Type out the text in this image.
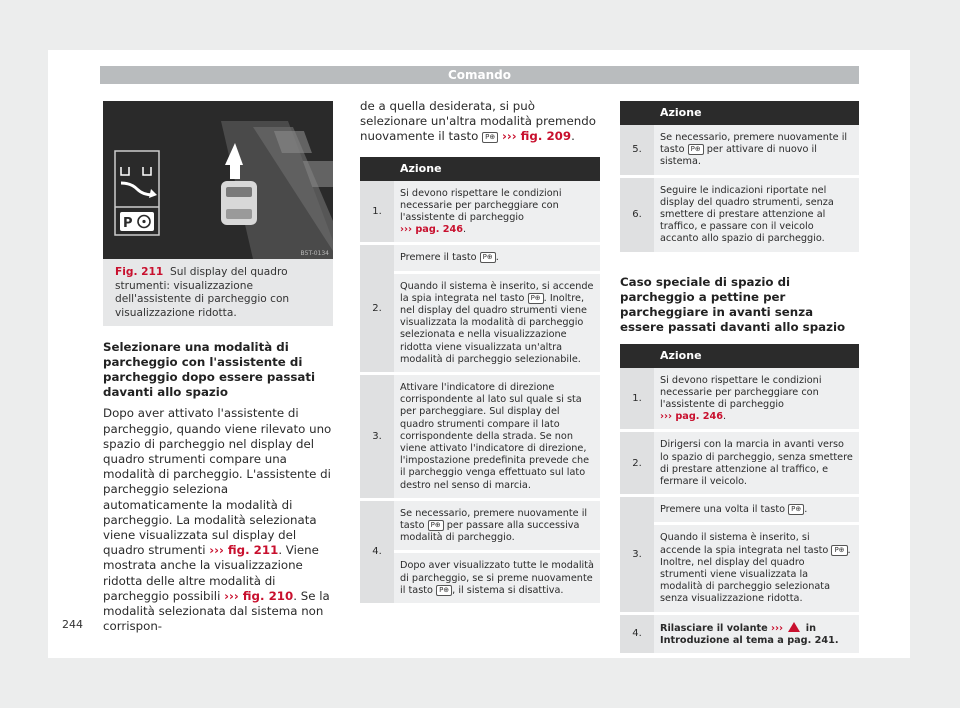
Comando
P
B5T-0134
Fig. 211 Sul display del quadro strumenti: visualizzazione dell'assistente di parcheggio con visualizzazione ridotta.
Selezionare una modalità di parcheggio con l'assistente di parcheggio dopo essere passati davanti allo spazio
Dopo aver attivato l'assistente di parcheggio, quando viene rilevato uno spazio di parcheggio nel display del quadro strumenti compare una modalità di parcheggio. L'assistente di parcheggio seleziona automaticamente la modalità di parcheggio. La modalità selezionata viene visualizzata sul display del quadro strumenti ››› fig. 211. Viene mostrata anche la visualizzazione ridotta delle altre modalità di parcheggio possibili ››› fig. 210. Se la modalità selezionata dal sistema non corrispon-
de a quella desiderata, si può selezionare un'altra modalità premendo nuovamente il tasto P⊕ ››› fig. 209.
	Azione
1.	Si devono rispettare le condizioni necessarie per parcheggiare con l'assistente di parcheggio
››› pag. 246.
2.	Premere il tasto P⊕ .
	Quando il sistema è inserito, si accende la spia integrata nel tasto P⊕ . Inoltre, nel display del quadro strumenti viene visualizzata la modalità di parcheggio selezionata e nella visualizzazione ridotta viene visualizzata un'altra modalità di parcheggio selezionabile.
3.	Attivare l'indicatore di direzione corrispondente al lato sul quale si sta per parcheggiare. Sul display del quadro strumenti compare il lato corrispondente della strada. Se non viene attivato l'indicatore di direzione, l'impostazione predefinita prevede che il parcheggio venga effettuato sul lato destro nel senso di marcia.
4.	Se necessario, premere nuovamente il tasto P⊕ per passare alla successiva modalità di parcheggio.
	Dopo aver visualizzato tutte le modalità di parcheggio, se si preme nuovamente il tasto P⊕ , il sistema si disattiva.
	Azione
5.	Se necessario, premere nuovamente il tasto P⊕ per attivare di nuovo il sistema.
6.	Seguire le indicazioni riportate nel display del quadro strumenti, senza smettere di prestare attenzione al traffico, e passare con il veicolo accanto allo spazio di parcheggio.
Caso speciale di spazio di parcheggio a pettine per parcheggiare in avanti senza essere passati davanti allo spazio
	Azione
1.	Si devono rispettare le condizioni necessarie per parcheggiare con l'assistente di parcheggio
››› pag. 246.
2.	Dirigersi con la marcia in avanti verso lo spazio di parcheggio, senza smettere di prestare attenzione al traffico, e fermare il veicolo.
3.	Premere una volta il tasto P⊕ .
	Quando il sistema è inserito, si accende la spia integrata nel tasto P⊕ . Inoltre, nel display del quadro strumenti viene visualizzata la modalità di parcheggio selezionata senza visualizzazione ridotta.
4.	Rilasciare il volante ›››  in Introduzione al tema a pag. 241.
244
